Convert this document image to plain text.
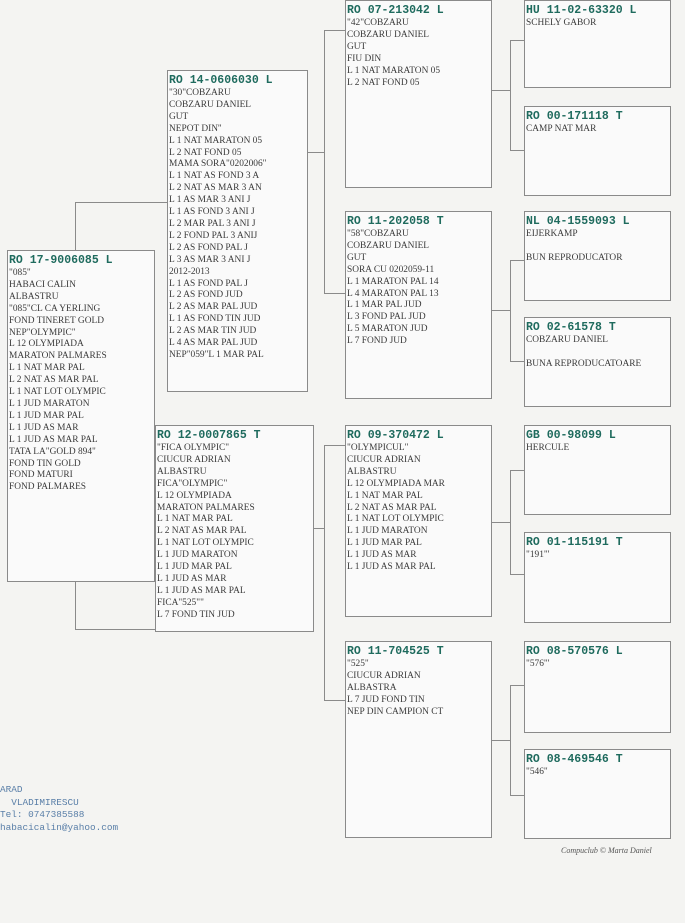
RO 17-9006085 L
"085"
HABACI CALIN
ALBASTRU
"085"CL CA YERLING
FOND TINERET GOLD
NEP"OLYMPIC"
L 12 OLYMPIADA
MARATON PALMARES
L 1 NAT MAR PAL
L 2 NAT AS MAR PAL
L 1 NAT LOT OLYMPIC
L 1 JUD MARATON
L 1 JUD MAR PAL
L 1 JUD AS MAR
L 1 JUD AS MAR PAL
TATA LA"GOLD 894"
FOND TIN GOLD
FOND MATURI
FOND PALMARES
RO 14-0606030 L
"30"COBZARU
COBZARU DANIEL
GUT
NEPOT DIN''
L 1 NAT MARATON 05
L 2 NAT FOND 05
MAMA SORA"0202006"
L 1 NAT AS FOND 3 A
L 2 NAT AS MAR 3 AN
L 1 AS MAR 3 ANI J
L 1 AS FOND 3 ANI J
L 2 MAR PAL 3 ANI J
L 2 FOND PAL 3 ANIJ
L 2 AS FOND PAL J
L 3 AS MAR 3 ANI J
2012-2013
L 1 AS FOND PAL J
L 2 AS FOND JUD
L 2 AS MAR PAL JUD
L 1 AS FOND TIN JUD
L 2 AS MAR TIN JUD
L 4 AS MAR PAL JUD
NEP"059"L 1 MAR PAL
RO 12-0007865 T
"FICA OLYMPIC"
CIUCUR ADRIAN
ALBASTRU
FICA"OLYMPIC"
L 12 OLYMPIADA
MARATON PALMARES
L 1 NAT MAR PAL
L 2 NAT AS MAR PAL
L 1 NAT LOT OLYMPIC
L 1 JUD MARATON
L 1 JUD MAR PAL
L 1 JUD AS MAR
L 1 JUD AS MAR PAL
FICA"525""
L 7 FOND TIN JUD
RO 07-213042 L
"42"COBZARU
COBZARU DANIEL
GUT
FIU DIN
L 1 NAT MARATON 05
L 2 NAT FOND 05
RO 11-202058 T
"58"COBZARU
COBZARU DANIEL
GUT
SORA CU 0202059-11
L 1 MARATON PAL 14
L 4 MARATON PAL 13
L 1 MAR PAL JUD
L 3 FOND PAL JUD
L 5 MARATON JUD
L 7 FOND JUD
RO 09-370472 L
"OLYMPICUL"
CIUCUR ADRIAN
ALBASTRU
L 12 OLYMPIADA MAR
L 1 NAT MAR PAL
L 2 NAT AS MAR PAL
L 1 NAT LOT OLYMPIC
L 1 JUD MARATON
L 1 JUD MAR PAL
L 1 JUD AS MAR
L 1 JUD AS MAR PAL
RO 11-704525 T
"525"
CIUCUR ADRIAN
ALBASTRA
L 7 JUD FOND TIN
NEP DIN CAMPION CT
HU 11-02-63320 L
SCHELY GABOR
RO 00-171118 T
CAMP NAT MAR
NL 04-1559093 L
EIJERKAMP
BUN REPRODUCATOR
RO 02-61578 T
COBZARU DANIEL
BUNA REPRODUCATOARE
GB 00-98099 L
HERCULE
RO 01-115191 T
"191"'
RO 08-570576 L
"576"'
RO 08-469546 T
"546"
ARAD
VLADIMIRESCU
Tel: 0747385588
habacicalin@yahoo.com
Compuclub © Marta Daniel
